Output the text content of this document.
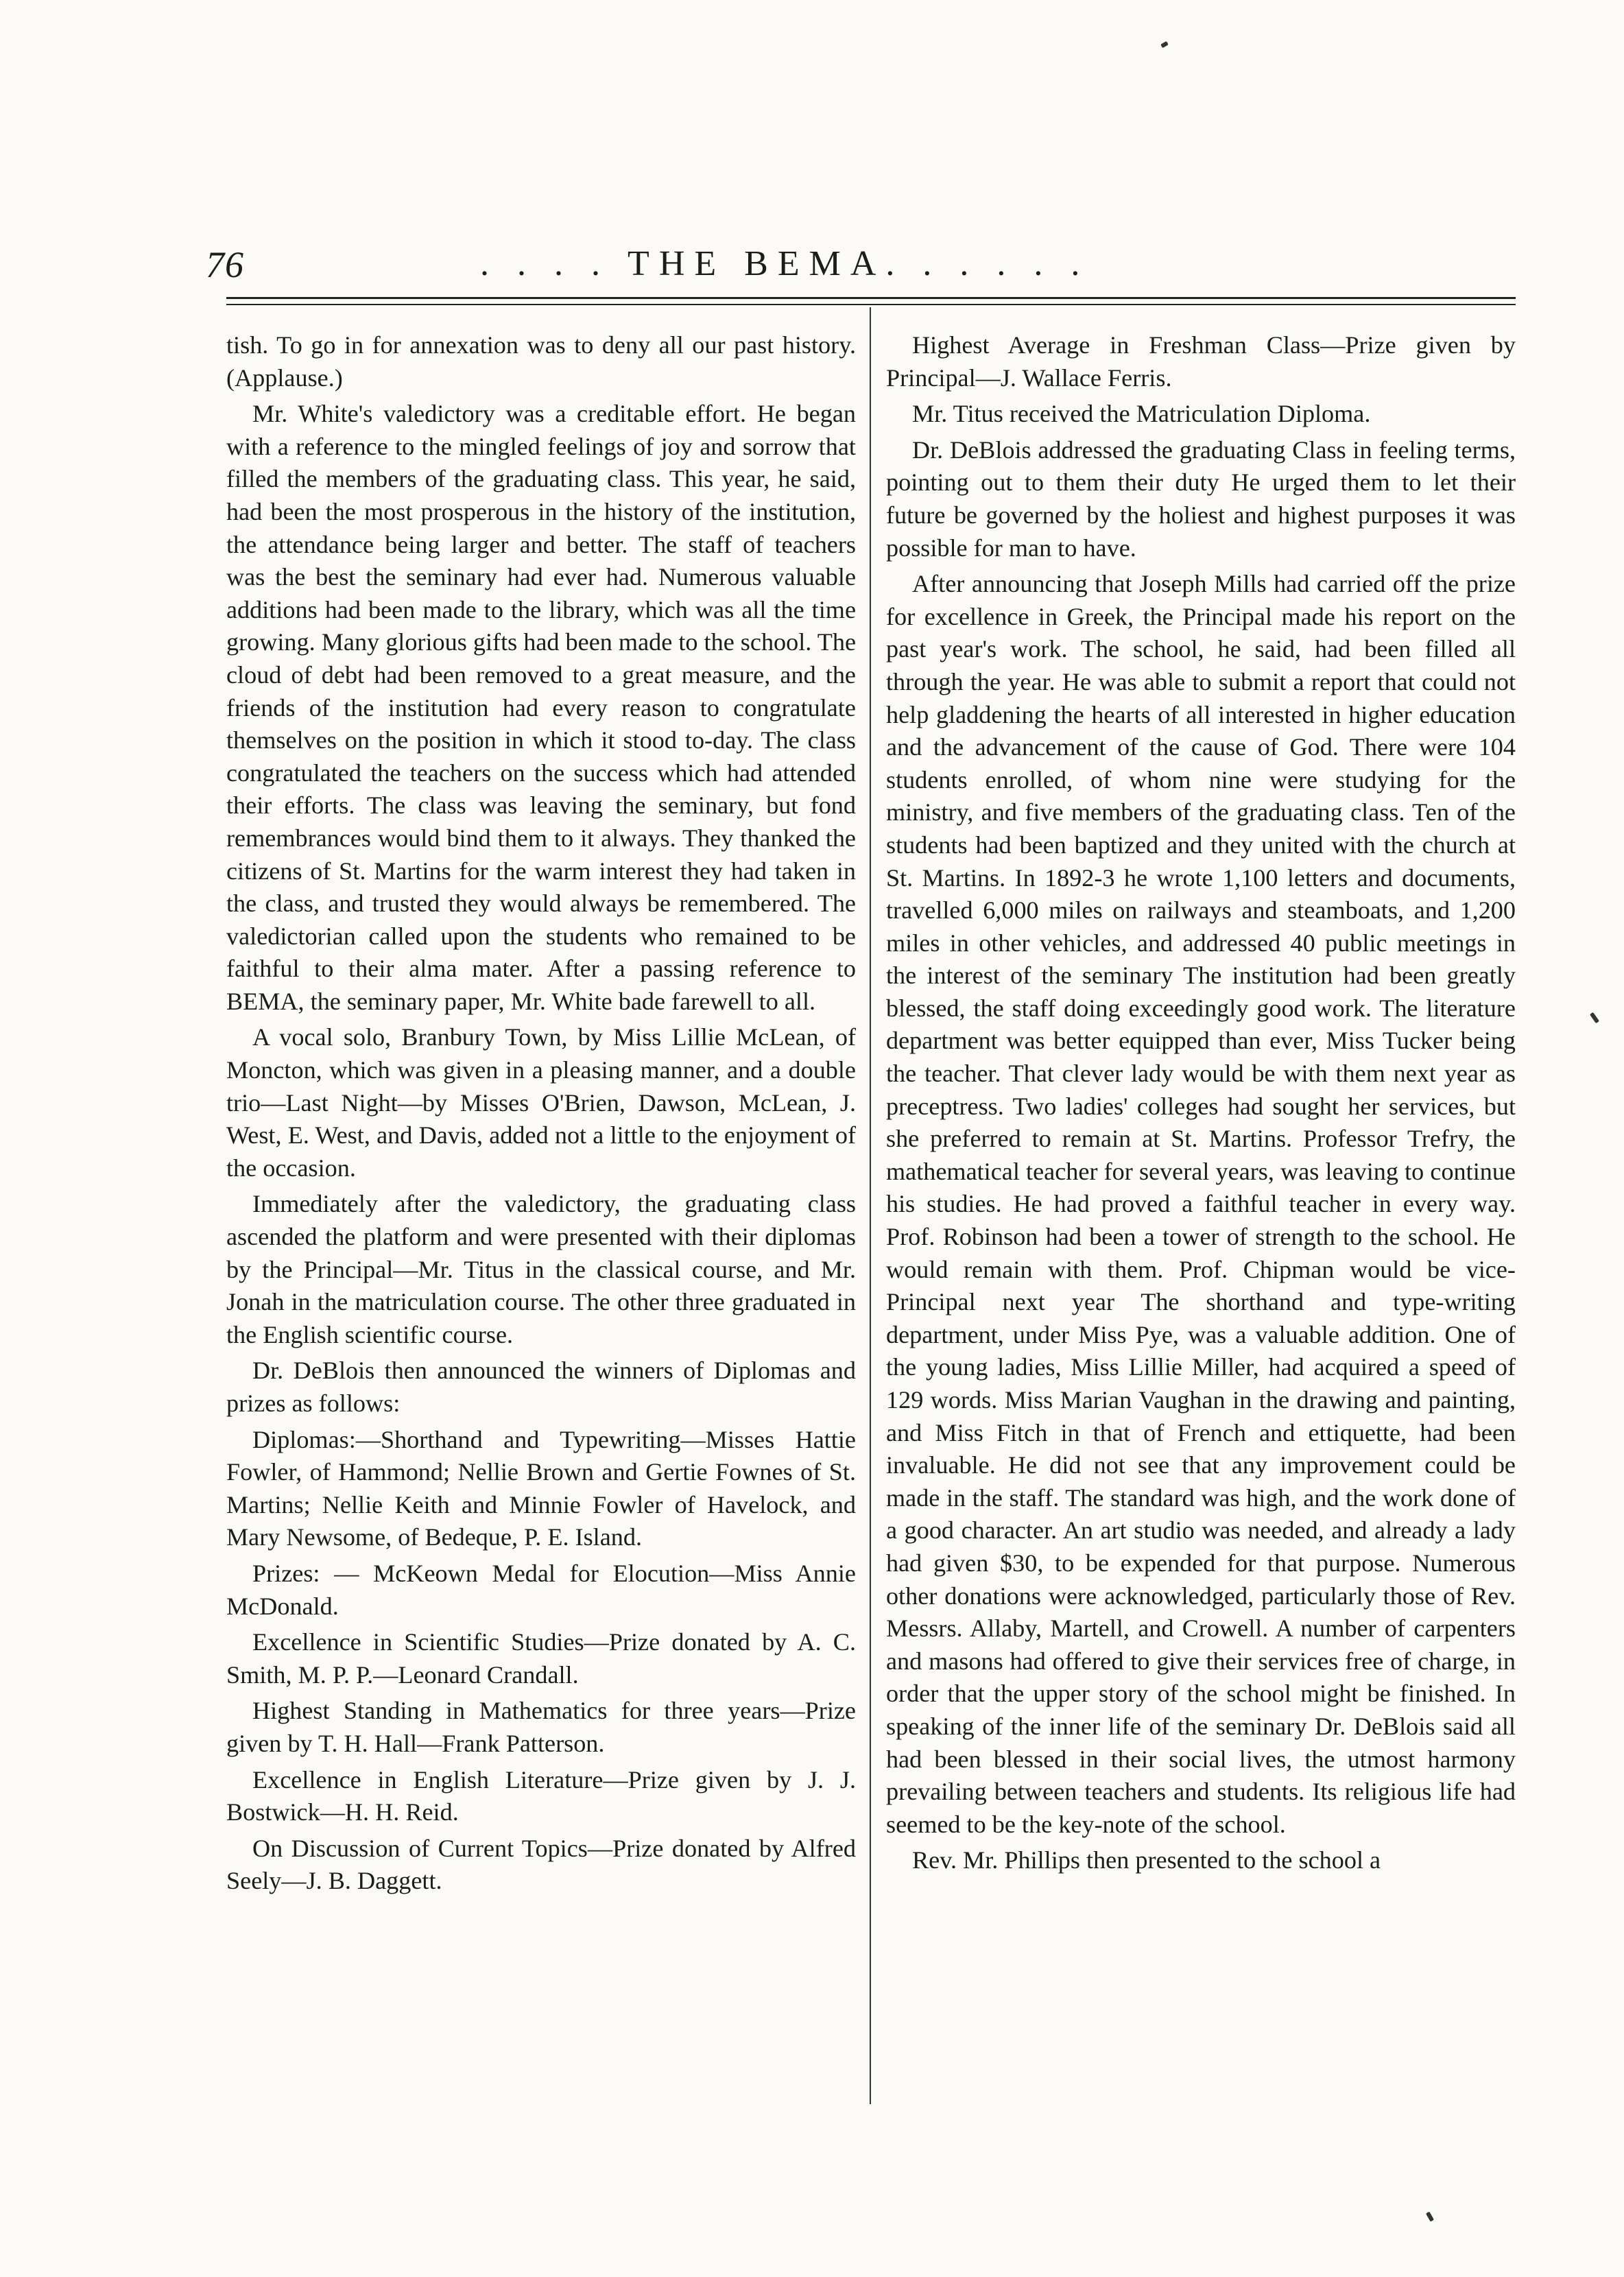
76	. . . . THE BEMA. . . . . .

tish. To go in for annexation was to deny all our past history. (Applause.)

Mr. White's valedictory was a creditable effort. He began with a reference to the mingled feelings of joy and sorrow that filled the members of the graduating class. This year, he said, had been the most prosperous in the history of the institution, the attendance being larger and better. The staff of teachers was the best the seminary had ever had. Numerous valuable additions had been made to the library, which was all the time growing. Many glorious gifts had been made to the school. The cloud of debt had been removed to a great measure, and the friends of the institution had every reason to congratulate themselves on the position in which it stood to-day. The class congratulated the teachers on the success which had attended their efforts. The class was leaving the seminary, but fond remembrances would bind them to it always. They thanked the citizens of St. Martins for the warm interest they had taken in the class, and trusted they would always be remembered. The valedictorian called upon the students who remained to be faithful to their alma mater. After a passing reference to BEMA, the seminary paper, Mr. White bade farewell to all.

A vocal solo, Branbury Town, by Miss Lillie McLean, of Moncton, which was given in a pleasing manner, and a double trio—Last Night—by Misses O'Brien, Dawson, McLean, J. West, E. West, and Davis, added not a little to the enjoyment of the occasion.

Immediately after the valedictory, the graduating class ascended the platform and were presented with their diplomas by the Principal—Mr. Titus in the classical course, and Mr. Jonah in the matriculation course. The other three graduated in the English scientific course.

Dr. DeBlois then announced the winners of Diplomas and prizes as follows:

Diplomas:—Shorthand and Typewriting—Misses Hattie Fowler, of Hammond; Nellie Brown and Gertie Fownes of St. Martins; Nellie Keith and Minnie Fowler of Havelock, and Mary Newsome, of Bedeque, P. E. Island.

Prizes: — McKeown Medal for Elocution—Miss Annie McDonald.

Excellence in Scientific Studies—Prize donated by A. C. Smith, M. P. P.—Leonard Crandall.

Highest Standing in Mathematics for three years—Prize given by T. H. Hall—Frank Patterson.

Excellence in English Literature—Prize given by J. J. Bostwick—H. H. Reid.

On Discussion of Current Topics—Prize donated by Alfred Seely—J. B. Daggett.

Highest Average in Freshman Class—Prize given by Principal—J. Wallace Ferris.

Mr. Titus received the Matriculation Diploma.

Dr. DeBlois addressed the graduating Class in feeling terms, pointing out to them their duty He urged them to let their future be governed by the holiest and highest purposes it was possible for man to have.

After announcing that Joseph Mills had carried off the prize for excellence in Greek, the Principal made his report on the past year's work. The school, he said, had been filled all through the year. He was able to submit a report that could not help gladdening the hearts of all interested in higher education and the advancement of the cause of God. There were 104 students enrolled, of whom nine were studying for the ministry, and five members of the graduating class. Ten of the students had been baptized and they united with the church at St. Martins. In 1892-3 he wrote 1,100 letters and documents, travelled 6,000 miles on railways and steamboats, and 1,200 miles in other vehicles, and addressed 40 public meetings in the interest of the seminary The institution had been greatly blessed, the staff doing exceedingly good work. The literature department was better equipped than ever, Miss Tucker being the teacher. That clever lady would be with them next year as preceptress. Two ladies' colleges had sought her services, but she preferred to remain at St. Martins. Professor Trefry, the mathematical teacher for several years, was leaving to continue his studies. He had proved a faithful teacher in every way. Prof. Robinson had been a tower of strength to the school. He would remain with them. Prof. Chipman would be vice-Principal next year The shorthand and type-writing department, under Miss Pye, was a valuable addition. One of the young ladies, Miss Lillie Miller, had acquired a speed of 129 words. Miss Marian Vaughan in the drawing and painting, and Miss Fitch in that of French and ettiquette, had been invaluable. He did not see that any improvement could be made in the staff. The standard was high, and the work done of a good character. An art studio was needed, and already a lady had given $30, to be expended for that purpose. Numerous other donations were acknowledged, particularly those of Rev. Messrs. Allaby, Martell, and Crowell. A number of carpenters and masons had offered to give their services free of charge, in order that the upper story of the school might be finished. In speaking of the inner life of the seminary Dr. DeBlois said all had been blessed in their social lives, the utmost harmony prevailing between teachers and students. Its religious life had seemed to be the key-note of the school.

Rev. Mr. Phillips then presented to the school a
